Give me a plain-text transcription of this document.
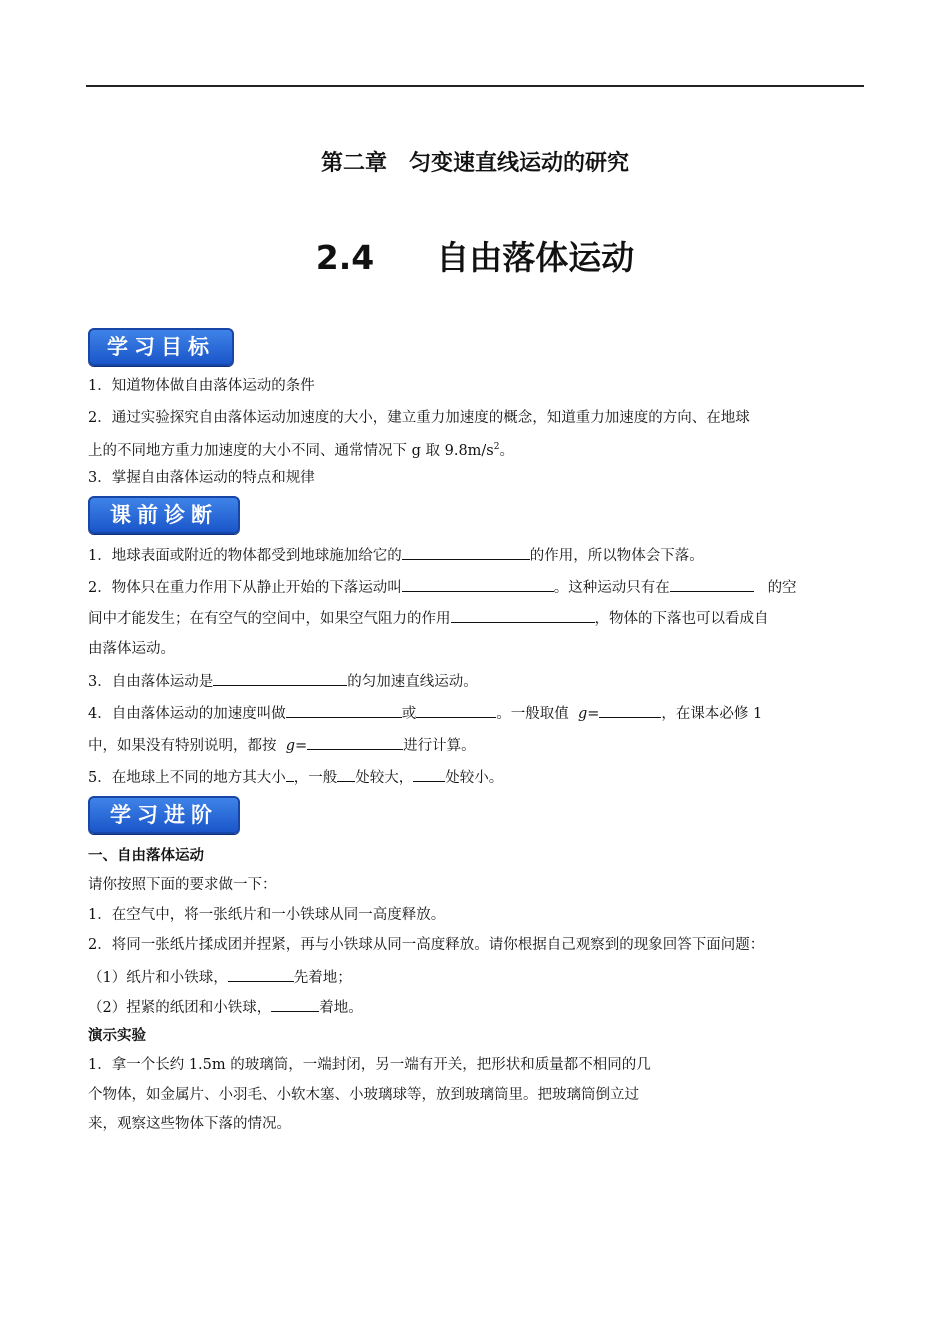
第二章　匀变速直线运动的研究
2.4 自由落体运动
学习目标
1．知道物体做自由落体运动的条件
2．通过实验探究自由落体运动加速度的大小，建立重力加速度的概念，知道重力加速度的方向、在地球
上的不同地方重力加速度的大小不同、通常情况下 g 取 $9.8m/s^2$。
3．掌握自由落体运动的特点和规律
课前诊断
1．地球表面或附近的物体都受到地球施加给它的	的作用，所以物体会下落。
2．物体只在重力作用下从静止开始的下落运动叫	。这种运动只有在	的空
间中才能发生；在有空气的空间中，如果空气阻力的作用	，物体的下落也可以看成自
由落体运动。
3．自由落体运动是	的匀加速直线运动。
4．自由落体运动的加速度叫做	或	。一般取值 g=	，在课本必修 1
中，如果没有特别说明，都按 g=	进行计算。
5．在地球上不同的地方其大小 ，一般 处较大， 处较小。
学习进阶
一、自由落体运动
请你按照下面的要求做一下：
1．在空气中，将一张纸片和一小铁球从同一高度释放。
2．将同一张纸片揉成团并捏紧，再与小铁球从同一高度释放。请你根据自己观察到的现象回答下面问题：
（1）纸片和小铁球，	先着地；
（2）捏紧的纸团和小铁球，	着地。
演示实验
1．拿一个长约 1.5m 的玻璃筒，一端封闭，另一端有开关，把形状和质量都不相同的几
个物体，如金属片、小羽毛、小软木塞、小玻璃球等，放到玻璃筒里。把玻璃筒倒立过
来，观察这些物体下落的情况。
